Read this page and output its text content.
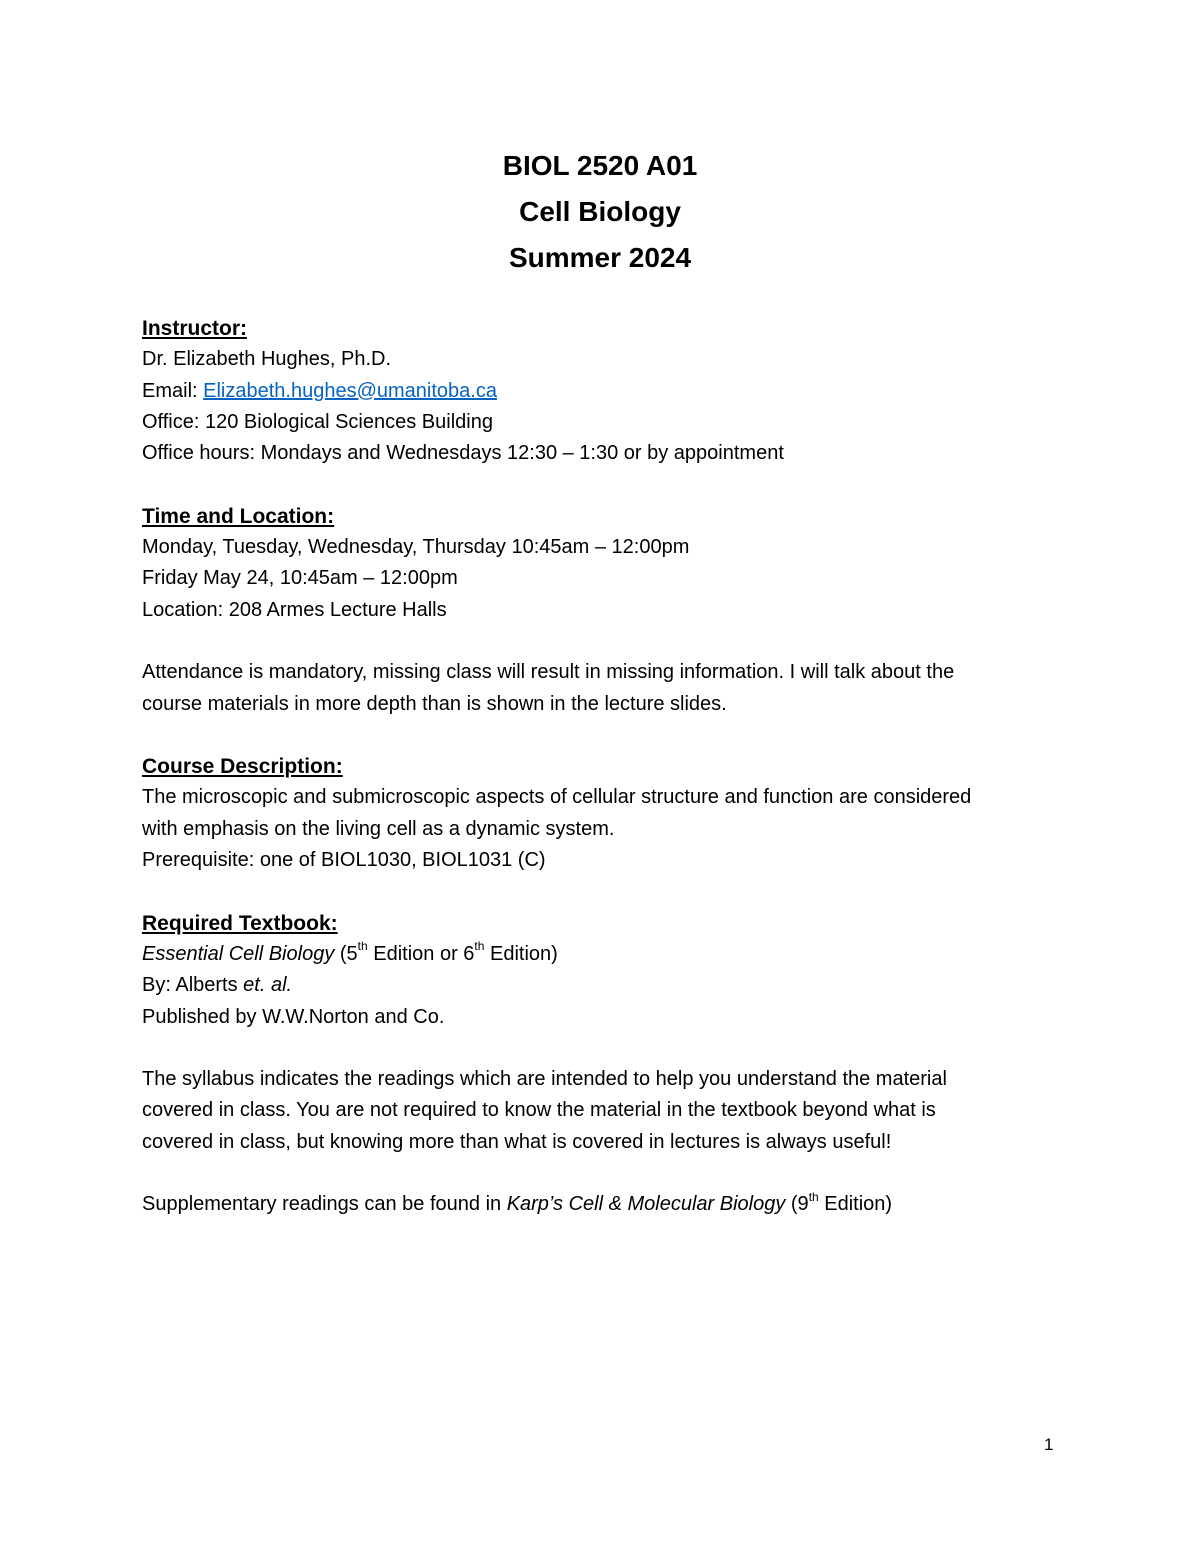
BIOL 2520 A01
Cell Biology
Summer 2024
Instructor:
Dr. Elizabeth Hughes, Ph.D.
Email: Elizabeth.hughes@umanitoba.ca
Office: 120 Biological Sciences Building
Office hours: Mondays and Wednesdays 12:30 – 1:30 or by appointment
Time and Location:
Monday, Tuesday, Wednesday, Thursday 10:45am – 12:00pm
Friday May 24, 10:45am – 12:00pm
Location: 208 Armes Lecture Halls
Attendance is mandatory, missing class will result in missing information. I will talk about the
course materials in more depth than is shown in the lecture slides.
Course Description:
The microscopic and submicroscopic aspects of cellular structure and function are considered
with emphasis on the living cell as a dynamic system.
Prerequisite: one of BIOL1030, BIOL1031 (C)
Required Textbook:
Essential Cell Biology (5th Edition or 6th Edition)
By: Alberts et. al.
Published by W.W.Norton and Co.
The syllabus indicates the readings which are intended to help you understand the material
covered in class. You are not required to know the material in the textbook beyond what is
covered in class, but knowing more than what is covered in lectures is always useful!
Supplementary readings can be found in Karp’s Cell & Molecular Biology (9th Edition)
1
